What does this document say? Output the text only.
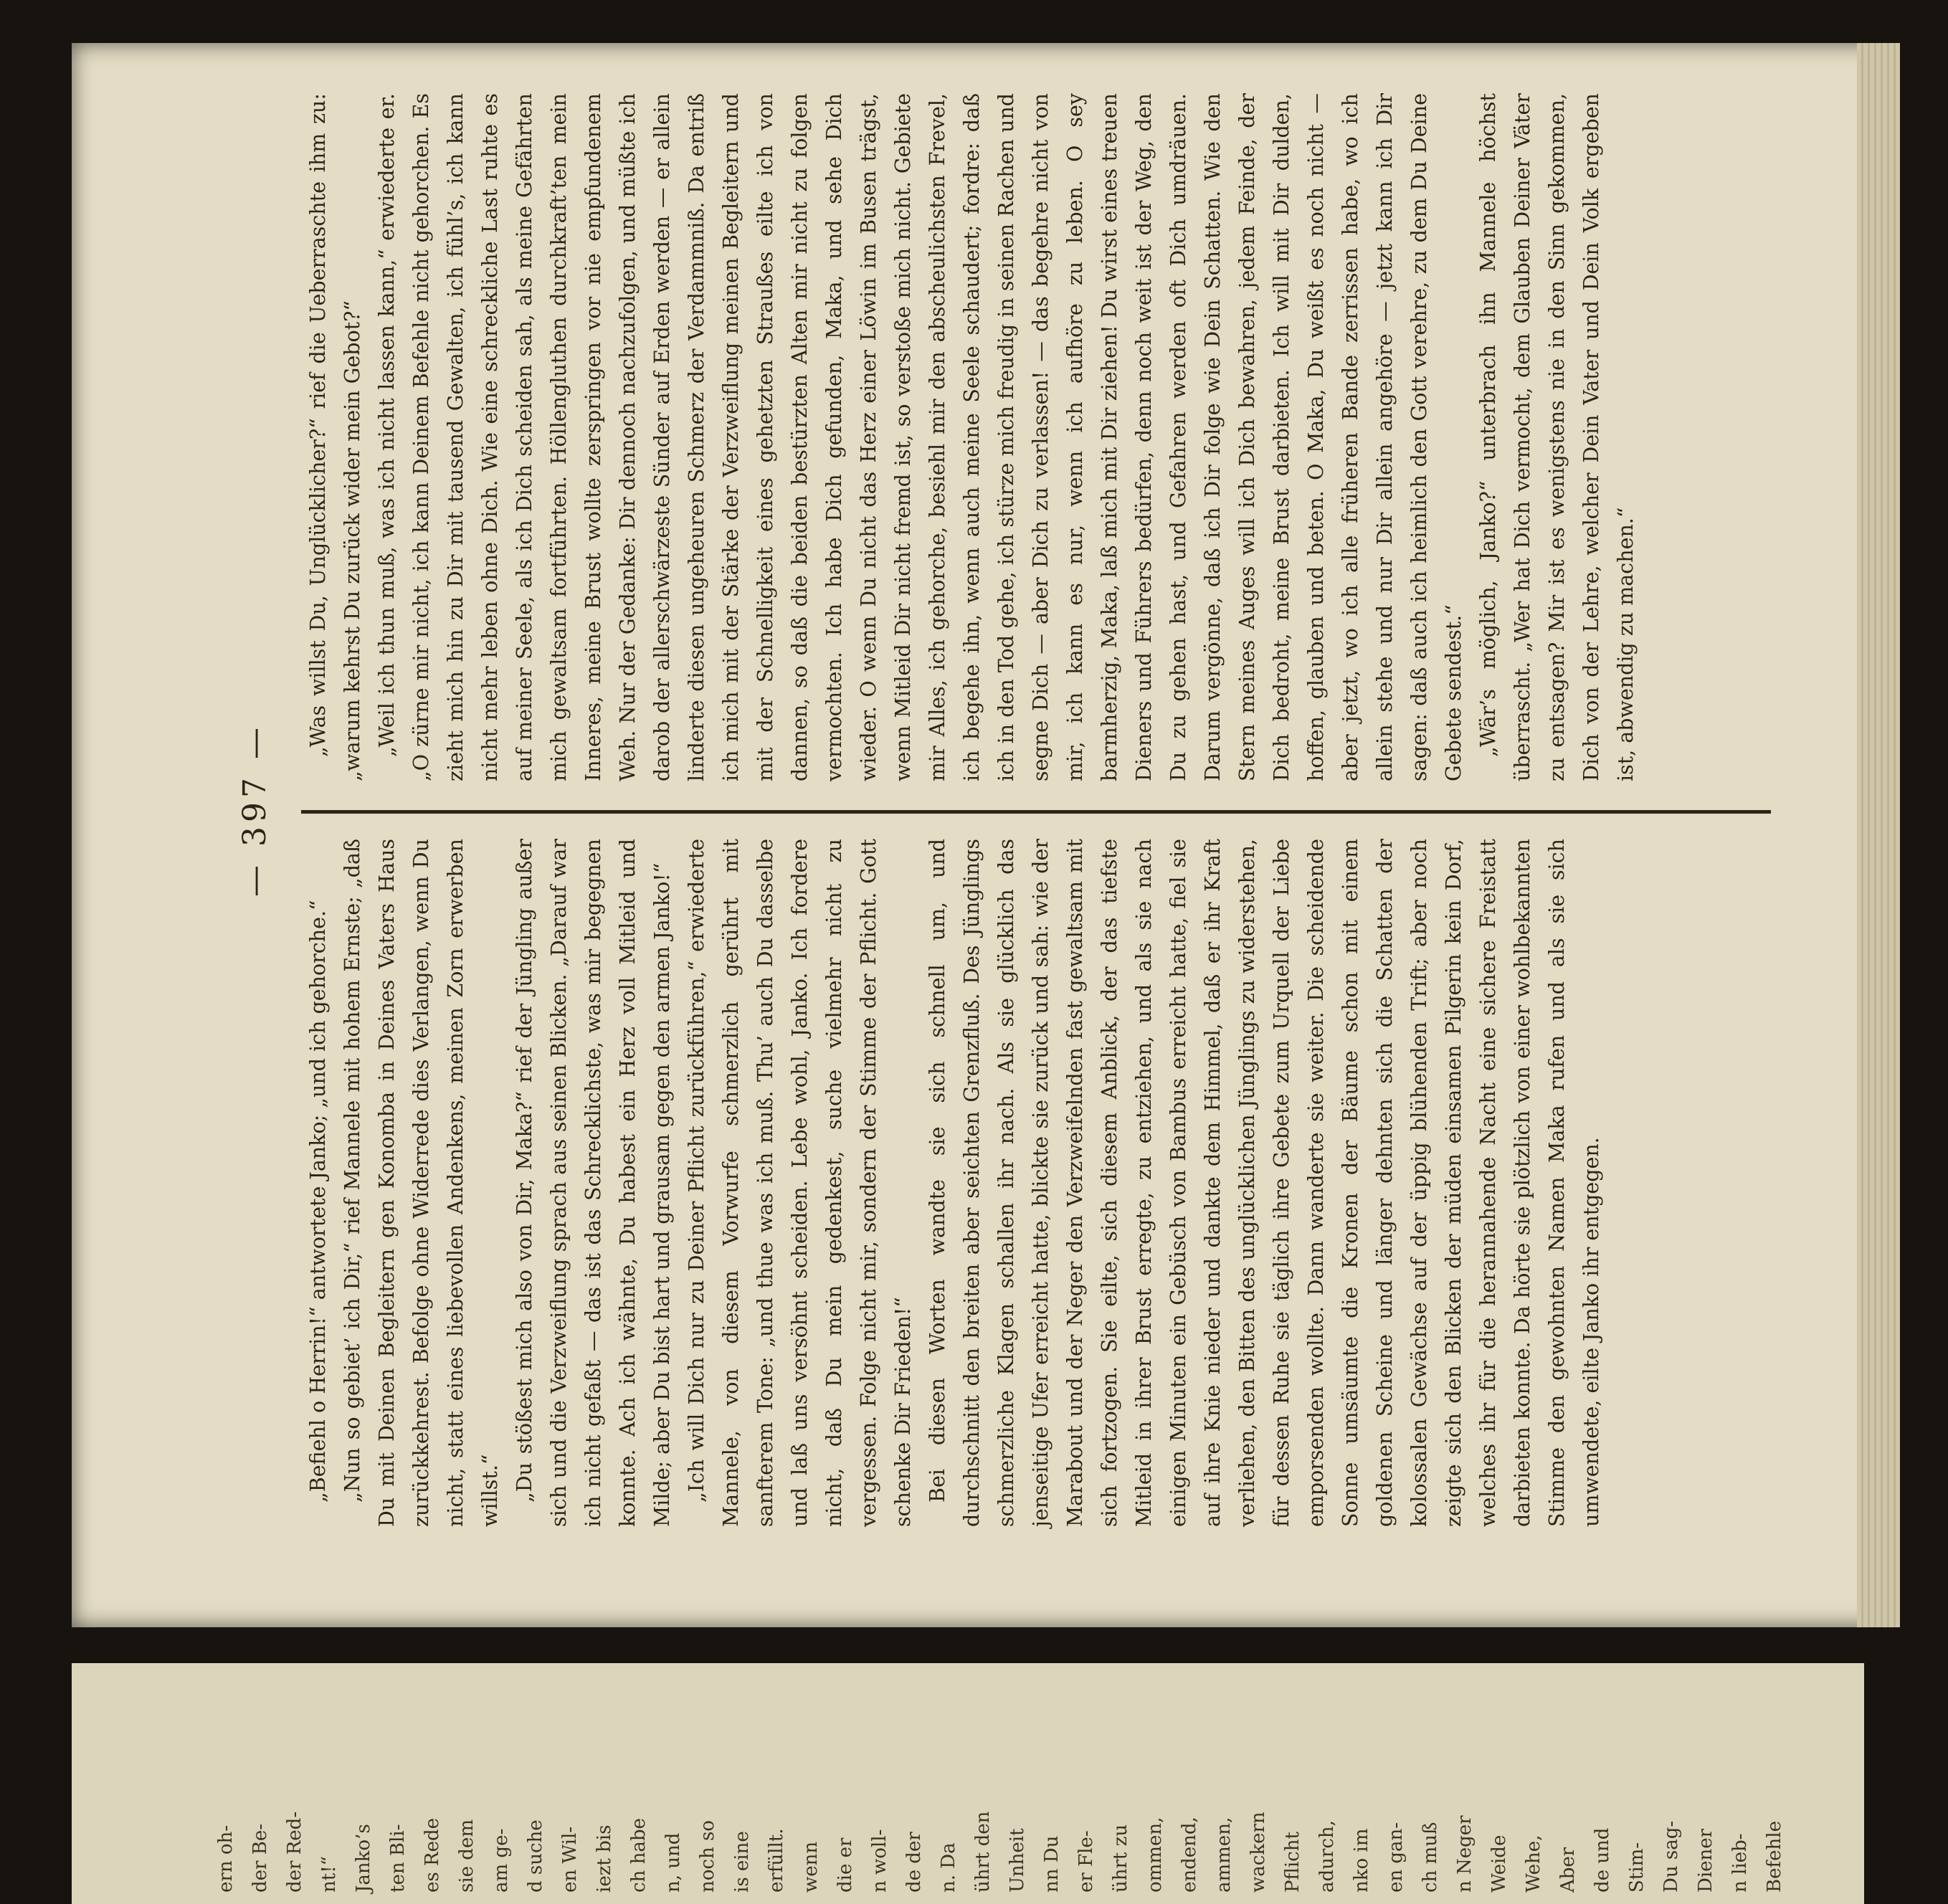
— 397 —

„Befiehl o Herrin!“ antwortete Janko; „und ich gehorche.“ „Nun so gebiet’ ich Dir,“ rief Mannele mit hohem Ernste; „daß Du mit Deinen Begleitern gen Konomba in Deines Vaters Haus zurückkehrest. Befolge ohne Widerrede dies Verlangen, wenn Du nicht, statt eines liebevollen Andenkens, meinen Zorn erwerben willst.“ „Du stößest mich also von Dir, Maka?“ rief der Jüngling außer sich und die Verzweiflung sprach aus seinen Blicken. „Darauf war ich nicht gefaßt — das ist das Schrecklichste, was mir begegnen konnte. Ach ich wähnte, Du habest ein Herz voll Mitleid und Milde; aber Du bist hart und grausam gegen den armen Janko!“ „Ich will Dich nur zu Deiner Pflicht zurückführen,“ erwiederte Mannele, von diesem Vorwurfe schmerzlich gerührt mit sanfterem Tone: „und thue was ich muß. Thu’ auch Du dasselbe und laß uns versöhnt scheiden. Lebe wohl, Janko. Ich fordere nicht, daß Du mein gedenkest, suche vielmehr nicht zu vergessen. Folge nicht mir, sondern der Stimme der Pflicht. Gott schenke Dir Frieden!“ Bei diesen Worten wandte sie sich schnell um, und durchschnitt den breiten aber seichten Grenzfluß. Des Jünglings schmerzliche Klagen schallen ihr nach. Als sie glücklich das jenseitige Ufer erreicht hatte, blickte sie zurück und sah: wie der Marabout und der Neger den Verzweifelnden fast gewaltsam mit sich fortzogen. Sie eilte, sich diesem Anblick, der das tiefste Mitleid in ihrer Brust erregte, zu entziehen, und als sie nach einigen Minuten ein Gebüsch von Bambus erreicht hatte, fiel sie auf ihre Knie nieder und dankte dem Himmel, daß er ihr Kraft verliehen, den Bitten des unglücklichen Jünglings zu widerstehen, für dessen Ruhe sie täglich ihre Gebete zum Urquell der Liebe emporsenden wollte. Dann wanderte sie weiter. Die scheidende Sonne umsäumte die Kronen der Bäume schon mit einem goldenen Scheine und länger dehnten sich die Schatten der kolossalen Gewächse auf der üppig blühenden Trift; aber noch zeigte sich den Blicken der müden einsamen Pilgerin kein Dorf, welches ihr für die herannahende Nacht eine sichere Freistatt darbieten konnte. Da hörte sie plötzlich von einer wohlbekannten Stimme den gewohnten Namen Maka rufen und als sie sich umwendete, eilte Janko ihr entgegen.

„Was willst Du, Unglücklicher?“ rief die Ueberraschte ihm zu: „warum kehrst Du zurück wider mein Gebot?“ „Weil ich thun muß, was ich nicht lassen kann,“ erwiederte er. „O zürne mir nicht, ich kann Deinem Befehle nicht gehorchen. Es zieht mich hin zu Dir mit tausend Gewalten, ich fühl’s, ich kann nicht mehr leben ohne Dich. Wie eine schreckliche Last ruhte es auf meiner Seele, als ich Dich scheiden sah, als meine Gefährten mich gewaltsam fortführten. Höllengluthen durchkraft’ten mein Inneres, meine Brust wollte zerspringen vor nie empfundenem Weh. Nur der Gedanke: Dir dennoch nachzufolgen, und müßte ich darob der allerschwärzeste Sünder auf Erden werden — er allein linderte diesen ungeheuren Schmerz der Verdammniß. Da entriß ich mich mit der Stärke der Verzweiflung meinen Begleitern und mit der Schnelligkeit eines gehetzten Straußes eilte ich von dannen, so daß die beiden bestürzten Alten mir nicht zu folgen vermochten. Ich habe Dich gefunden, Maka, und sehe Dich wieder. O wenn Du nicht das Herz einer Löwin im Busen trägst, wenn Mitleid Dir nicht fremd ist, so verstoße mich nicht. Gebiete mir Alles, ich gehorche, besiehl mir den abscheulichsten Frevel, ich begehe ihn, wenn auch meine Seele schaudert; fordre: daß ich in den Tod gehe, ich stürze mich freudig in seinen Rachen und segne Dich — aber Dich zu verlassen! — das begehre nicht von mir, ich kann es nur, wenn ich aufhöre zu leben. O sey barmherzig, Maka, laß mich mit Dir ziehen! Du wirst eines treuen Dieners und Führers bedürfen, denn noch weit ist der Weg, den Du zu gehen hast, und Gefahren werden oft Dich umdräuen. Darum vergönne, daß ich Dir folge wie Dein Schatten. Wie den Stern meines Auges will ich Dich bewahren, jedem Feinde, der Dich bedroht, meine Brust darbieten. Ich will mit Dir dulden, hoffen, glauben und beten. O Maka, Du weißt es noch nicht — aber jetzt, wo ich alle früheren Bande zerrissen habe, wo ich allein stehe und nur Dir allein angehöre — jetzt kann ich Dir sagen: daß auch ich heimlich den Gott verehre, zu dem Du Deine Gebete sendest.“ „Wär’s möglich, Janko?“ unterbrach ihn Mannele höchst überrascht. „Wer hat Dich vermocht, dem Glauben Deiner Väter zu entsagen? Mir ist es wenigstens nie in den Sinn gekommen, Dich von der Lehre, welcher Dein Vater und Dein Volk ergeben ist, abwendig zu machen.“

ern oh- der Be- der Red- nt!“ Janko’s ten Bli- es Rede sie dem am ge- d suche en Wil- iezt bis ch habe n, und noch so is eine erfüllt. wenn die er n woll- de der n. Da ührt den Unheit nn Du er Fle- ührt zu ommen, endend, ammen, wackern Pflicht adurch, nko im en gan- ch muß n Neger Weide Wehe, Aber de und Stim- Du sag- Diener n lieb- Befehle
